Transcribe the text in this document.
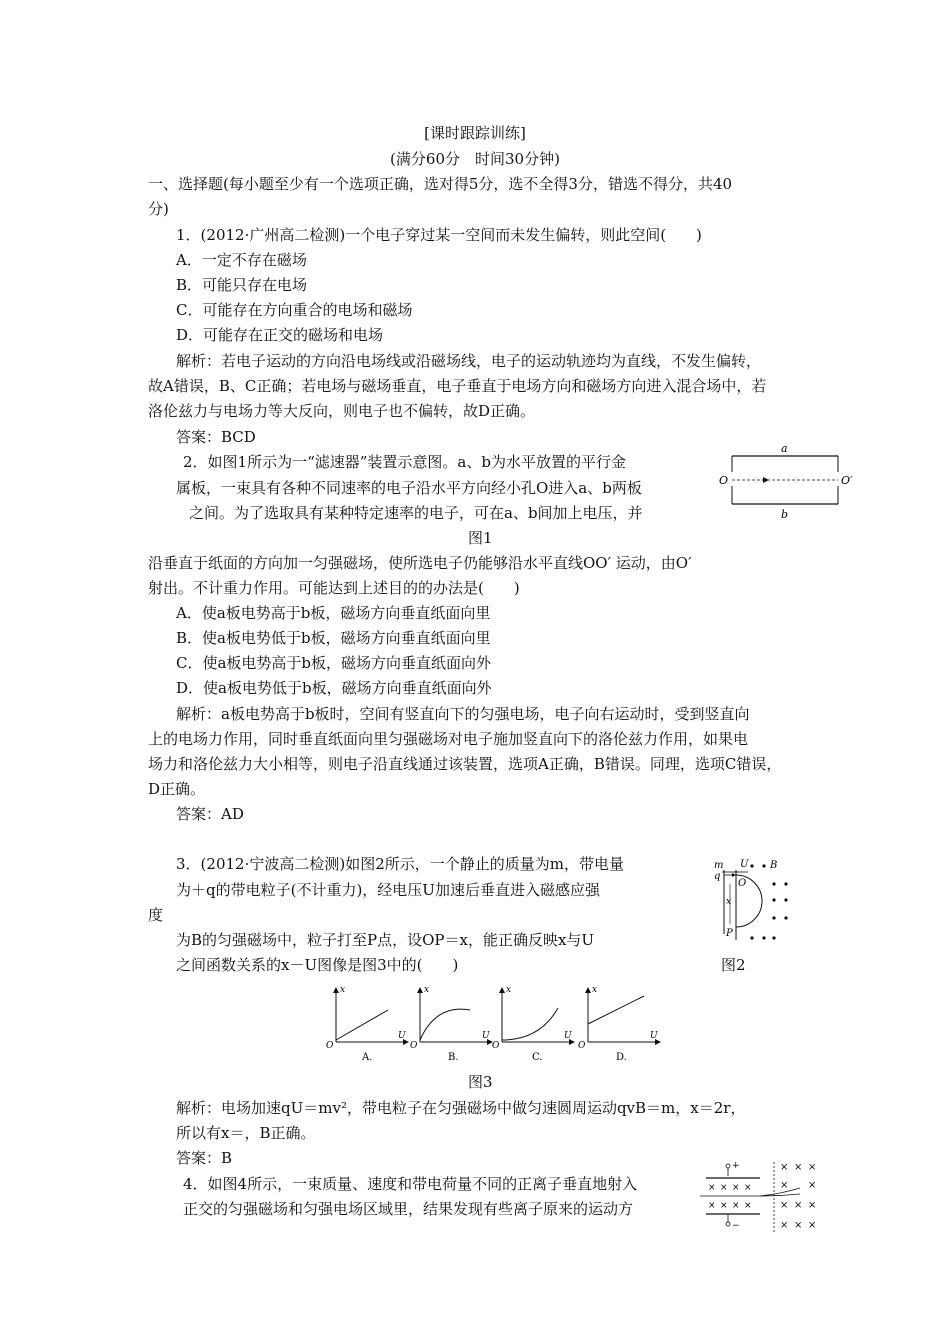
[课时跟踪训练]
(满分60分　时间30分钟)
一、选择题(每小题至少有一个选项正确，选对得5分，选不全得3分，错选不得分，共40
分)
1．(2012·广州高二检测)一个电子穿过某一空间而未发生偏转，则此空间(　　)
A．一定不存在磁场
B．可能只存在电场
C．可能存在方向重合的电场和磁场
D．可能存在正交的磁场和电场
解析：若电子运动的方向沿电场线或沿磁场线，电子的运动轨迹均为直线，不发生偏转，
故A错误，B、C正确；若电场与磁场垂直，电子垂直于电场方向和磁场方向进入混合场中，若
洛伦兹力与电场力等大反向，则电子也不偏转，故D正确。
答案：BCD
2．如图1所示为一“滤速器”装置示意图。a、b为水平放置的平行金
属板，一束具有各种不同速率的电子沿水平方向经小孔O进入a、b两板
之间。为了选取具有某种特定速率的电子，可在a、b间加上电压，并
图1
a
O	O′
b
沿垂直于纸面的方向加一匀强磁场，使所选电子仍能够沿水平直线OO′ 运动，由O′
射出。不计重力作用。可能达到上述目的的办法是(　　)
A．使a板电势高于b板，磁场方向垂直纸面向里
B．使a板电势低于b板，磁场方向垂直纸面向里
C．使a板电势高于b板，磁场方向垂直纸面向外
D．使a板电势低于b板，磁场方向垂直纸面向外
解析：a板电势高于b板时，空间有竖直向下的匀强电场，电子向右运动时，受到竖直向
上的电场力作用，同时垂直纸面向里匀强磁场对电子施加竖直向下的洛伦兹力作用，如果电
场力和洛伦兹力大小相等，则电子沿直线通过该装置，选项A正确，B错误。同理，选项C错误，
D正确。
答案：AD
3．(2012·宁波高二检测)如图2所示，一个静止的质量为m，带电量
为＋q的带电粒子(不计重力)，经电压U加速后垂直进入磁感应强
度
为B的匀强磁场中，粒子打至P点，设OP＝x，能正确反映x与U
之间函数关系的x－U图像是图3中的(　　)	图2
m
q
U
O
x
P
B
x
U
O
A.
x
U
O
B.
x
U
O
C.
x
U
O
D.
图3
解析：电场加速qU＝mv²，带电粒子在匀强磁场中做匀速圆周运动qvB＝m，x＝2r，
所以有x＝，B正确。
答案：B
4．如图4所示，一束质量、速度和带电荷量不同的正离子垂直地射入
正交的匀强磁场和匀强电场区域里，结果发现有些离子原来的运动方
+
× × × ×
× × × ×
−
× × ×
× ×
× × ×
× × ×
